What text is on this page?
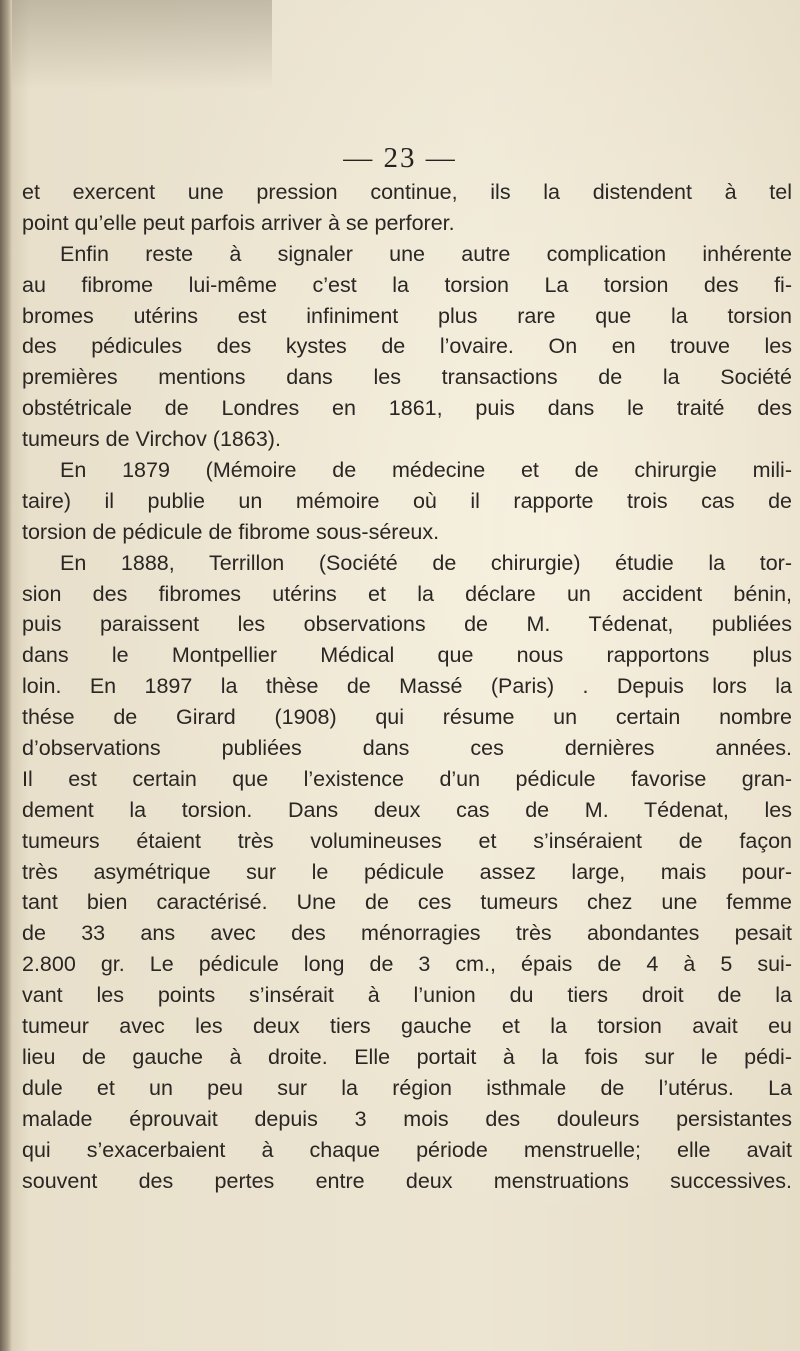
— 23 —
et exercent une pression continue, ils la distendent à tel
point qu’elle peut parfois arriver à se perforer.
Enfin reste à signaler une autre complication inhérente
au fibrome lui-même c’est la torsion La torsion des fi-
bromes utérins est infiniment plus rare que la torsion
des pédicules des kystes de l’ovaire. On en trouve les
premières mentions dans les transactions de la Société
obstétricale de Londres en 1861, puis dans le traité des
tumeurs de Virchov (1863).
En 1879 (Mémoire de médecine et de chirurgie mili-
taire) il publie un mémoire où il rapporte trois cas de
torsion de pédicule de fibrome sous-séreux.
En 1888, Terrillon (Société de chirurgie) étudie la tor-
sion des fibromes utérins et la déclare un accident bénin,
puis paraissent les observations de M. Tédenat, publiées
dans le Montpellier Médical que nous rapportons plus
loin. En 1897 la thèse de Massé (Paris) . Depuis lors la
thése de Girard (1908) qui résume un certain nombre
d’observations publiées dans ces dernières années.
Il est certain que l’existence d’un pédicule favorise gran-
dement la torsion. Dans deux cas de M. Tédenat, les
tumeurs étaient très volumineuses et s’inséraient de façon
très asymétrique sur le pédicule assez large, mais pour-
tant bien caractérisé. Une de ces tumeurs chez une femme
de 33 ans avec des ménorragies très abondantes pesait
2.800 gr. Le pédicule long de 3 cm., épais de 4 à 5 sui-
vant les points s’insérait à l’union du tiers droit de la
tumeur avec les deux tiers gauche et la torsion avait eu
lieu de gauche à droite. Elle portait à la fois sur le pédi-
dule et un peu sur la région isthmale de l’utérus. La
malade éprouvait depuis 3 mois des douleurs persistantes
qui s’exacerbaient à chaque période menstruelle; elle avait
souvent des pertes entre deux menstruations successives.
